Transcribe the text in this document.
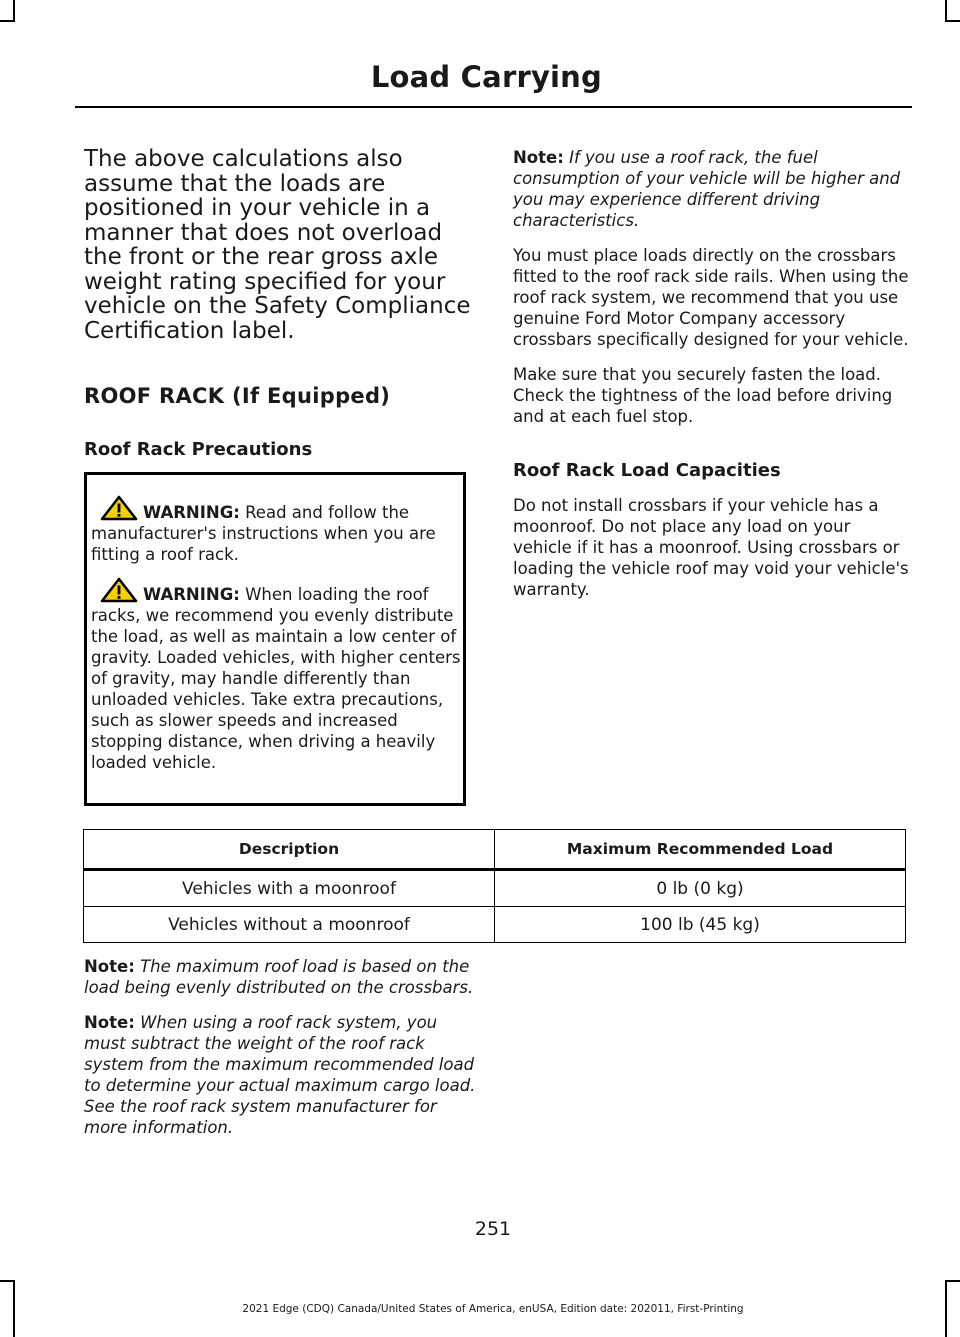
Load Carrying

The above calculations also assume that the loads are positioned in your vehicle in a manner that does not overload the front or the rear gross axle weight rating specified for your vehicle on the Safety Compliance Certification label.

ROOF RACK (If Equipped)
Roof Rack Precautions

WARNING: Read and follow the manufacturer's instructions when you are fitting a roof rack.

WARNING: When loading the roof racks, we recommend you evenly distribute the load, as well as maintain a low center of gravity. Loaded vehicles, with higher centers of gravity, may handle differently than unloaded vehicles. Take extra precautions, such as slower speeds and increased stopping distance, when driving a heavily loaded vehicle.

Note: If you use a roof rack, the fuel consumption of your vehicle will be higher and you may experience different driving characteristics.

You must place loads directly on the crossbars fitted to the roof rack side rails. When using the roof rack system, we recommend that you use genuine Ford Motor Company accessory crossbars specifically designed for your vehicle.

Make sure that you securely fasten the load. Check the tightness of the load before driving and at each fuel stop.

Roof Rack Load Capacities

Do not install crossbars if your vehicle has a moonroof. Do not place any load on your vehicle if it has a moonroof. Using crossbars or loading the vehicle roof may void your vehicle's warranty.

Description	Maximum Recommended Load
Vehicles with a moonroof	0 lb (0 kg)
Vehicles without a moonroof	100 lb (45 kg)

Note: The maximum roof load is based on the load being evenly distributed on the crossbars.

Note: When using a roof rack system, you must subtract the weight of the roof rack system from the maximum recommended load to determine your actual maximum cargo load. See the roof rack system manufacturer for more information.

251

2021 Edge (CDQ) Canada/United States of America, enUSA, Edition date: 202011, First-Printing
